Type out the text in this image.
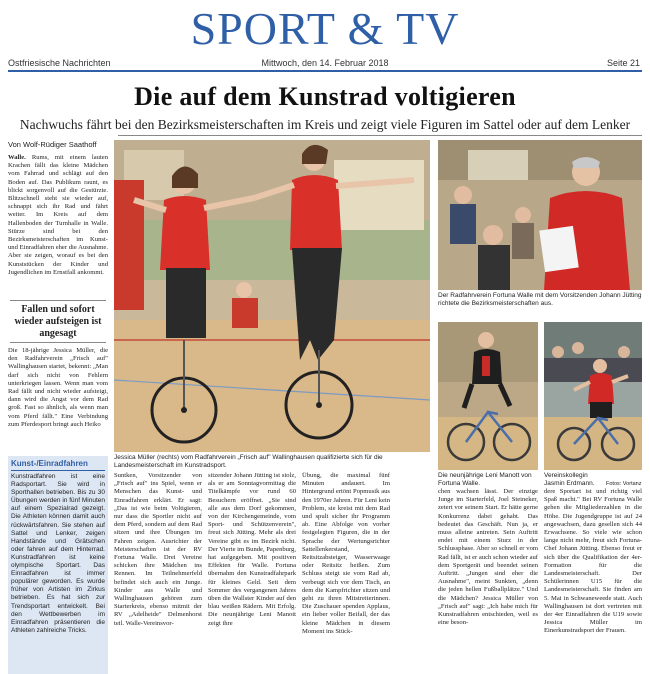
SPORT & TV
Ostfriesische Nachrichten	Mittwoch, den 14. Februar 2018	Seite 21
Die auf dem Kunstrad voltigieren
Nachwuchs fährt bei den Bezirksmeisterschaften im Kreis und zeigt viele Figuren im Sattel oder auf dem Lenker
Von Wolf-Rüdiger Saathoff
Walle. Rums, mit einem lauten Krachen fällt das kleine Mädchen vom Fahrrad und schlägt auf den Boden auf. Das Publikum raunt, es blickt sorgenvoll auf die Gestürzte. Blitzschnell steht sie wieder auf, schnappt sich ihr Rad und fährt weiter. Im Kreis auf dem Hallenboden der Turnhalle in Walle. Stürze sind bei den Bezirksmeisterschaften im Kunst- und Einradfahren eher die Ausnahme. Aber sie zeigen, worauf es bei den Kunststücken der Kinder und Jugendlichen im Ernstfall ankommt.
Fallen und sofort wieder aufsteigen ist angesagt
Die 18-jährige Jessica Müller, die den Radfahrverein „Frisch auf" Wallinghausen startet, bekennt: „Man darf sich nicht von Fehlern unterkriegen lassen. Wenn man vom Rad fällt und nicht wieder aufsteigt, dann wird die Angst vor dem Rad groß. Fast so ähnlich, als wenn man vom Pferd fällt." Eine Verbindung zum Pferdesport bringt auch Heiko
Kunst-/Einradfahren
Kunstradfahren ist eine Radsportart. Sie wird in Sporthallen betrieben. Bis zu 30 Übungen werden in fünf Minuten auf einem Spezialrad gezeigt. Die Athleten können damit auch rückwärtsfahren. Sie stehen auf Sattel und Lenker, zeigen Handstände und Grätschen oder fahren auf dem Hinterrad. Kunstradfahren ist keine olympische Sportart. Das Einradfahren ist immer populärer geworden. Es wurde früher von Artisten im Zirkus betrieben. Es hat sich zur Trendsportart entwickelt. Bei den Wettbewerben im Einradfahren präsentieren die Athleten zahlreiche Tricks.
Jessica Müller (rechts) vom Radfahrverein „Frisch auf" Wallinghausen qualifizierte sich für die Landesmeisterschaft im Kunstradsport.
Der Radfahrverein Fortuna Walle mit dem Vorsitzenden Johann Jütting richtete die Bezirksmeisterschaften aus.
Die neunjährige Leni Manott von Fortuna Walle.
Vereinskollegin Jasmin Erdmann.	Fotos: Vortanz
Suntken, Vorsitzender von „Frisch auf" ins Spiel, wenn er Menschen das Kunst- und Einradfahren erklärt. Er sagt: „Das ist wie beim Voltigieren, nur dass die Sportler nicht auf dem Pferd, sondern auf dem Rad sitzen und ihre Übungen im Fahren zeigen. Ausrichter der Meisterschaften ist der RV Fortuna Walle. Drei Vereine schicken ihre Mädchen ins Rennen. Im Teilnehmerfeld befindet sich auch ein Junge. Kinder aus Walle und Wallinghausen gehören zum Starterkreis, ebenso mitmit der RV „Adelheide" Delmenhorst teil. Walle-Vereinsvor-
sitzender Johann Jütting ist stolz, als er am Sonntagvormittag die Titelkämpfe vor rund 60 Besuchern eröffnet. „Sie sind alle aus dem Dorf gekommen, von der Kirchengemeinde, vom Sport- und Schützenverein", freut sich Jütting. Mehr als drei Vereine gibt es im Bezirk nicht. Der Vierte im Bunde, Papenburg, hat aufgegeben. Mit positiven Effekten für Walle. Fortuna übernahm den Kunstradfahrpark für kleines Geld. Seit dem Sommer des vergangenen Jahres üben die Wallster Kinder auf den blau weißen Rädern. Mit Erfolg. Die neunjährige Leni Manott zeigt ihre
Übung, die maximal fünf Minuten andauert. Im Hintergrund ertönt Popmusik aus den 1970er Jahren. Für Leni kein Problem, sie kreist mit dem Rad und spult sicher ihr Programm ab. Eine Abfolge von vorher festgelegten Figuren, die in der Sprache der Wertungsrichter Sattellenkerstand, Reitsitzabsteiger, Wasserwaage oder Reitsitz heißen. Zum Schluss steigt sie vom Rad ab, verbeugt sich vor dem Tisch, an dem die Kampfrichter sitzen und geht zu ihren Mitstreiterinnen. Die Zuschauer spenden Applaus, ein lieber voller Beifall, der das kleine Mädchen in diesem Moment ins Stück-
chen wachsen lässt. Der einzige Junge im Starterfeld, Joel Steineker, zetert vor seinem Start. Er hätte gerne Konkurrenz dabei gehabt. Das bedeutet das Geschäft. Nun ja, er muss alleine antreten. Sein Auftritt endet mit einem Sturz in der Schlussphase. Aber so schnell er vom Rad fällt, ist er auch schon wieder auf dem Sportgerät und beendet seinen Auftritt. „Jungen sind eher die Ausnahme", meint Sunkten, „denn die jeden hellen Fußballplätze." Und die Mädchen? Jessica Müller von „Frisch auf" sagt: „Ich habe mich für Kunstradfahren entschieden, weil es eine beson-
dere Sportart ist und richtig viel Spaß macht." Bei RV Fortuna Walle gehen die Mitgliederzahlen in die Höhe. Die Jugendgruppe ist auf 24 angewachsen, dazu gesellen sich 44 Erwachsene. So viele wie schon lange nicht mehr, freut sich Fortuna-Chef Johann Jütting. Ebenso freut er sich über die Qualifikation der 4er-Formation für die Landesmeisterschaft. Der Schülerinnen U15 für die Landesmeisterschaft. Sie finden am 5. Mai in Schwaneweede statt. Auch Wallinghausen ist dort vertreten mit der 4er Einradfahren die U19 sowie Jessica Müller im Einerkunstradsport der Frauen.
